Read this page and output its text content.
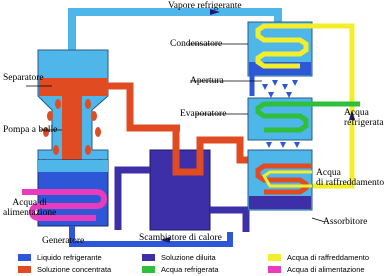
Vapore refrigerante
Condensatore
Separatore	Apertura
Evaporatore	Acqua
refrigerata
Pompa a bolle
Acqua
di raffreddamento
Acqua di
alimentazione
Assorbitore
Generatore	Scambiatore di calore
Liquido refrigerante	Soluzione diluita	Acqua di raffreddamento
Soluzione concentrata	Acqua refrigerata	Acqua di alimentazione
